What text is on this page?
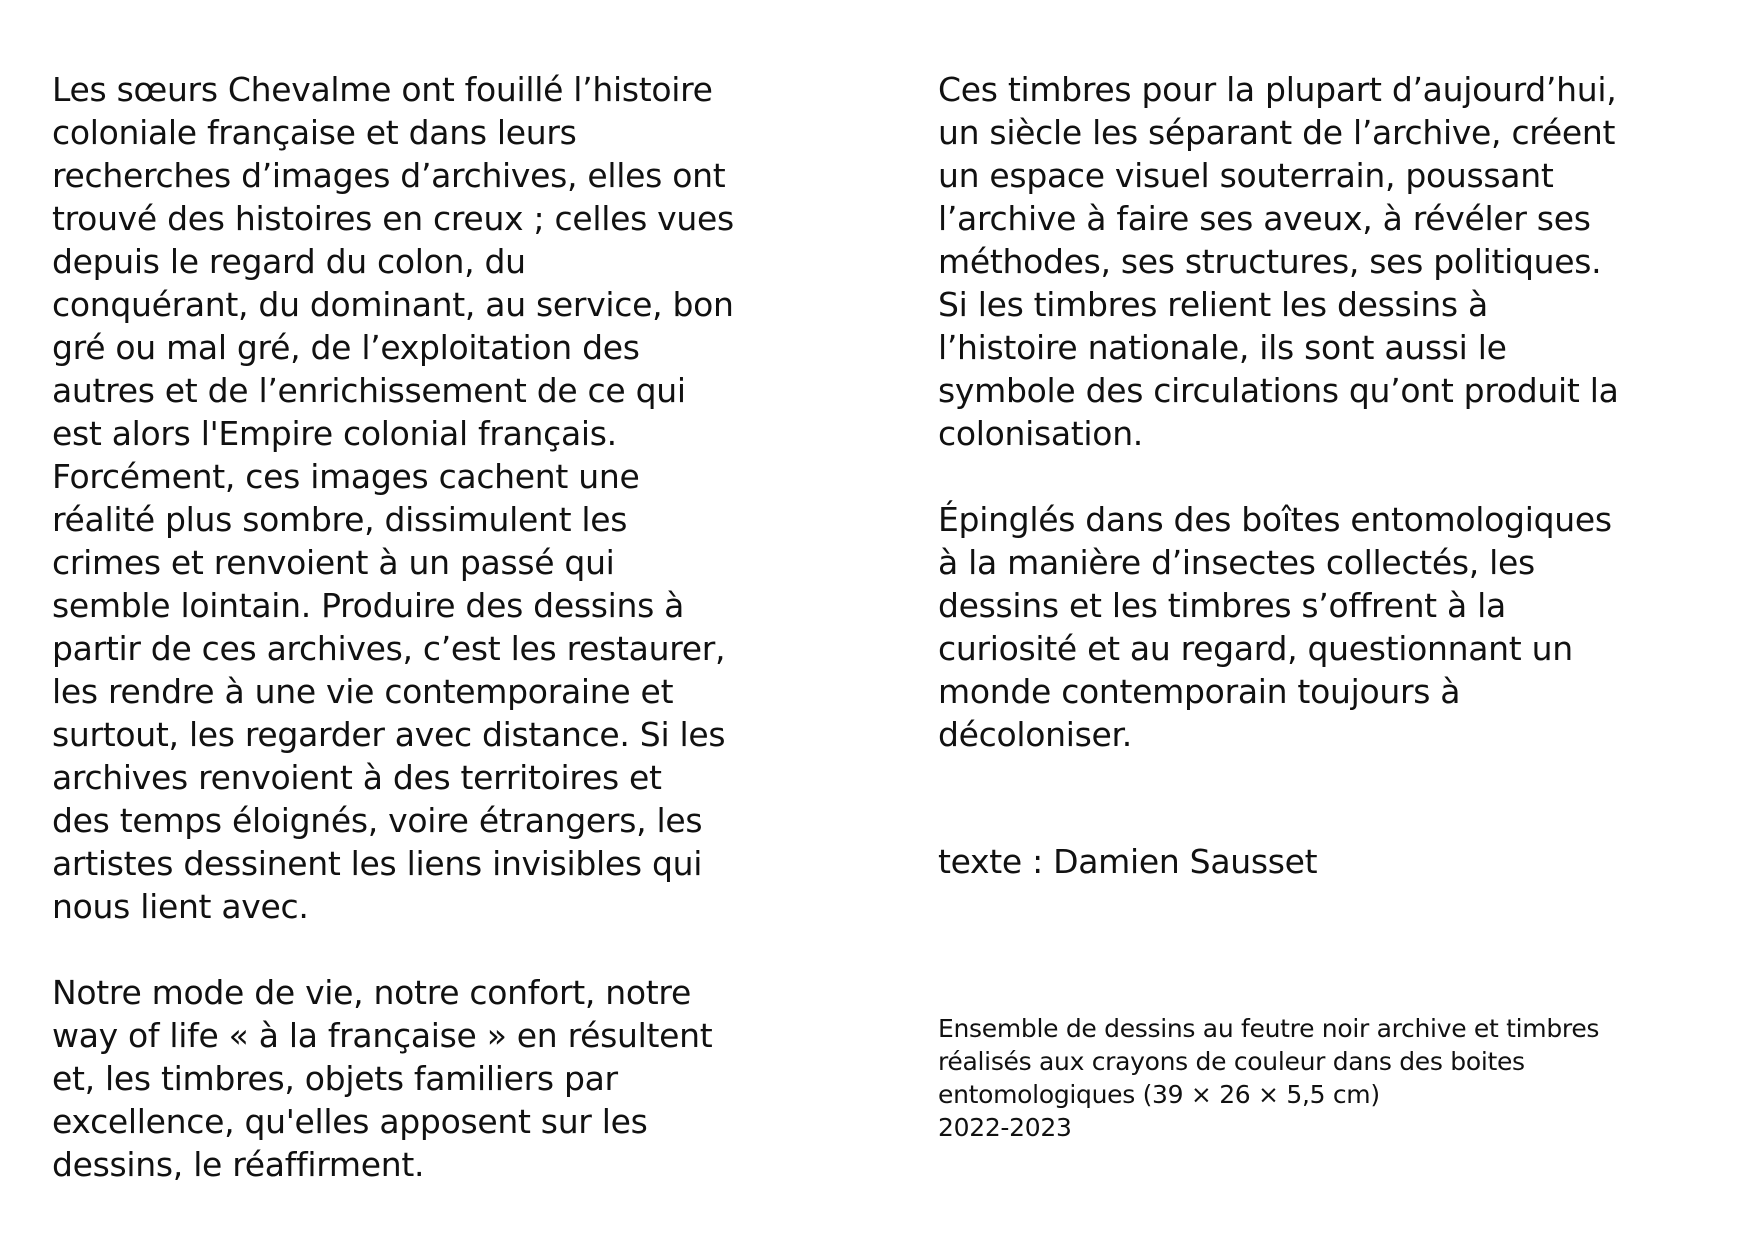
Les sœurs Chevalme ont fouillé l’histoire
coloniale française et dans leurs
recherches d’images d’archives, elles ont
trouvé des histoires en creux ; celles vues
depuis le regard du colon, du
conquérant, du dominant, au service, bon
gré ou mal gré, de l’exploitation des
autres et de l’enrichissement de ce qui
est alors l'Empire colonial français.
Forcément, ces images cachent une
réalité plus sombre, dissimulent les
crimes et renvoient à un passé qui
semble lointain. Produire des dessins à
partir de ces archives, c’est les restaurer,
les rendre à une vie contemporaine et
surtout, les regarder avec distance. Si les
archives renvoient à des territoires et
des temps éloignés, voire étrangers, les
artistes dessinent les liens invisibles qui
nous lient avec.

Notre mode de vie, notre confort, notre
way of life « à la française » en résultent
et, les timbres, objets familiers par
excellence, qu'elles apposent sur les
dessins, le réaffirment.

Ces timbres pour la plupart d’aujourd’hui,
un siècle les séparant de l’archive, créent
un espace visuel souterrain, poussant
l’archive à faire ses aveux, à révéler ses
méthodes, ses structures, ses politiques.
Si les timbres relient les dessins à
l’histoire nationale, ils sont aussi le
symbole des circulations qu’ont produit la
colonisation.

Épinglés dans des boîtes entomologiques
à la manière d’insectes collectés, les
dessins et les timbres s’offrent à la
curiosité et au regard, questionnant un
monde contemporain toujours à
décoloniser.

texte : Damien Sausset

Ensemble de dessins au feutre noir archive et timbres
réalisés aux crayons de couleur dans des boites
entomologiques (39 × 26 × 5,5 cm)
2022-2023
